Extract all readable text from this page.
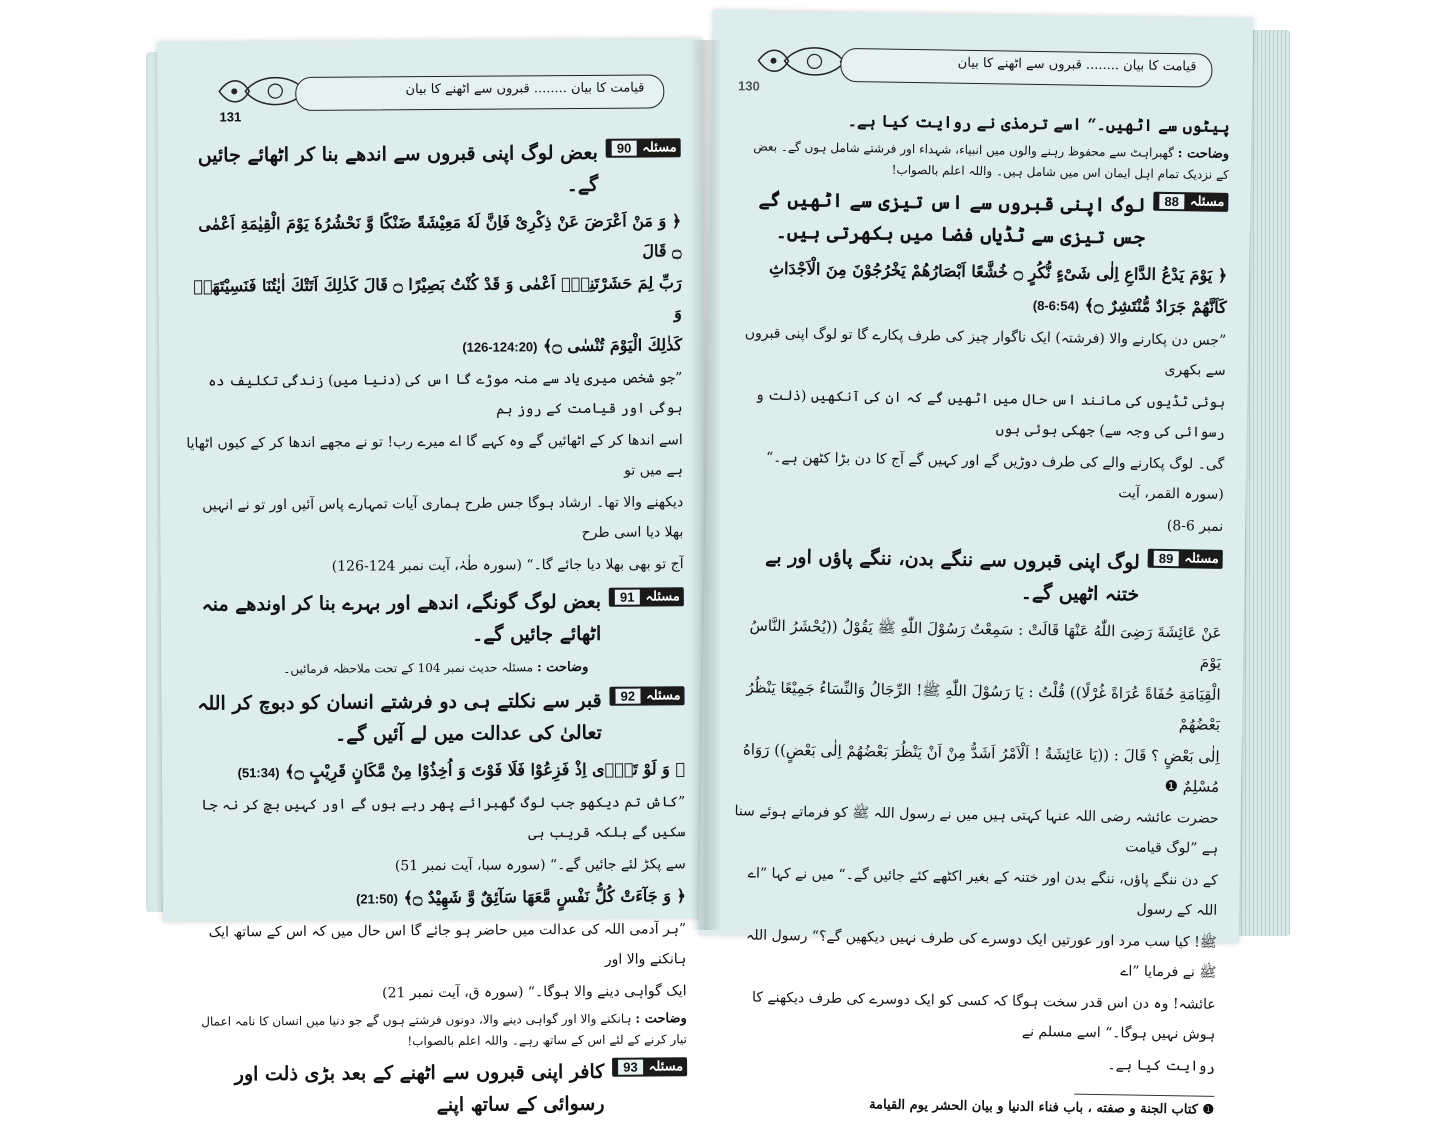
قیامت کا بیان ........ قبروں سے اٹھنے کا بیان
131
مسئلہ
90
بعض لوگ اپنی قبروں سے اندھے بنا کر اٹھائے جائیں گے۔
﴿ وَ مَنْ اَعْرَضَ عَنْ ذِكْرِىْ فَاِنَّ لَهٗ مَعِيْشَةً ضَنْكًا وَّ نَحْشُرُهٗ يَوْمَ الْقِيٰمَةِ اَعْمٰى ۝ قَالَ
رَبِّ لِمَ حَشَرْتَنِىْۤ اَعْمٰى وَ قَدْ كُنْتُ بَصِيْرًا ۝ قَالَ كَذٰلِكَ اَتَتْكَ اٰيٰتُنَا فَنَسِيْتَهَاۚ وَ
كَذٰلِكَ الْيَوْمَ تُنْسٰى ۝﴾ (126-124:20)
”جو شخص میری یاد سے منہ موڑے گا اس کی (دنیا میں) زندگی تکلیف دہ ہوگی اور قیامت کے روز ہم
اسے اندھا کر کے اٹھائیں گے وہ کہے گا اے میرے رب! تو نے مجھے اندھا کر کے کیوں اٹھایا ہے میں تو
دیکھنے والا تھا۔ ارشاد ہوگا جس طرح ہماری آیات تمہارے پاس آئیں اور تو نے انہیں بھلا دیا اسی طرح
آج تو بھی بھلا دیا جائے گا۔“ (سورہ طٰہٰ، آیت نمبر 124-126)
مسئلہ
91
بعض لوگ گونگے، اندھے اور بہرے بنا کر اوندھے منہ اٹھائے جائیں گے۔
وضاحت : مسئلہ حدیث نمبر 104 کے تحت ملاحظہ فرمائیں۔
مسئلہ
92
قبر سے نکلتے ہی دو فرشتے انسان کو دبوچ کر اللہ تعالیٰ کی عدالت میں لے آئیں گے۔
﴿ وَ لَوْ تَرٰۤى اِذْ فَزِعُوْا فَلَا فَوْتَ وَ اُخِذُوْا مِنْ مَّكَانٍ قَرِيْبٍ ۝﴾ (51:34)
”کاش تم دیکھو جب لوگ گھبرائے پھر رہے ہوں گے اور کہیں بچ کر نہ جا سکیں گے بلکہ قریب ہی
سے پکڑ لئے جائیں گے۔“ (سورہ سبا، آیت نمبر 51)
﴿ وَ جَآءَتْ كُلُّ نَفْسٍ مَّعَهَا سَآئِقٌ وَّ شَهِيْدٌ ۝﴾ (21:50)
”ہر آدمی اللہ کی عدالت میں حاضر ہو جائے گا اس حال میں کہ اس کے ساتھ ایک ہانکنے والا اور
ایک گواہی دینے والا ہوگا۔“ (سورہ ق، آیت نمبر 21)
وضاحت : ہانکنے والا اور گواہی دینے والا، دونوں فرشتے ہوں گے جو دنیا میں انسان کا نامہ اعمال تیار کرنے کے لئے اس کے ساتھ رہے۔ واللہ اعلم بالصواب!
مسئلہ
93
کافر اپنی قبروں سے اٹھنے کے بعد بڑی ذلت اور رسوائی کے ساتھ اپنے
قیامت کا بیان ........ قبروں سے اٹھنے کا بیان
130
پیٹوں سے اٹھیں۔“ اسے ترمذی نے روایت کیا ہے۔
وضاحت : گھبراہٹ سے محفوظ رہنے والوں میں انبیاء، شہداء اور فرشتے شامل ہوں گے۔ بعض کے نزدیک تمام اہل ایمان اس میں شامل ہیں۔ واللہ اعلم بالصواب!
مسئلہ
88
لوگ اپنی قبروں سے اس تیزی سے اٹھیں گے جس تیزی سے ٹڈیاں فضا میں بکھرتی ہیں۔
﴿ يَوْمَ يَدْعُ الدَّاعِ اِلٰى شَىْءٍ نُّكُرٍ ۝ خُشَّعًا اَبْصَارُهُمْ يَخْرُجُوْنَ مِنَ الْاَجْدَاثِ
كَاَنَّهُمْ جَرَادٌ مُّنْتَشِرٌ ۝﴾ (8-6:54)
”جس دن پکارنے والا (فرشتہ) ایک ناگوار چیز کی طرف پکارے گا تو لوگ اپنی قبروں سے بکھری
ہوئی ٹڈیوں کی مانند اس حال میں اٹھیں گے کہ ان کی آنکھیں (ذلت و رسوائی کی وجہ سے) جھکی ہوئی ہوں
گی۔ لوگ پکارنے والے کی طرف دوڑیں گے اور کہیں گے آج کا دن بڑا کٹھن ہے۔“ (سورہ القمر، آیت
نمبر 6-8)
مسئلہ
89
لوگ اپنی قبروں سے ننگے بدن، ننگے پاؤں اور بے ختنہ اٹھیں گے۔
عَنْ عَائِشَةَ رَضِىَ اللّٰهُ عَنْهَا قَالَتْ : سَمِعْتُ رَسُوْلَ اللّٰهِ ﷺ يَقُوْلُ ((يُحْشَرُ النَّاسُ يَوْمَ
الْقِيَامَةِ حُفَاةً عُرَاةً غُرْلًا)) قُلْتُ : يَا رَسُوْلَ اللّٰهِ ﷺ! الرِّجَالُ وَالنِّسَاءُ جَمِيْعًا يَنْظُرُ بَعْضُهُمْ
اِلٰى بَعْضٍ ؟ قَالَ : ((يَا عَائِشَةُ ! اَلْاَمْرُ اَشَدُّ مِنْ اَنْ يَنْظُرَ بَعْضُهُمْ اِلٰى بَعْضٍ)) رَوَاهُ مُسْلِمٌ ❶
حضرت عائشہ رضی اللہ عنہا کہتی ہیں میں نے رسول اللہ ﷺ کو فرماتے ہوئے سنا ہے ”لوگ قیامت
کے دن ننگے پاؤں، ننگے بدن اور ختنہ کے بغیر اکٹھے کئے جائیں گے۔“ میں نے کہا ”اے اللہ کے رسول
ﷺ! کیا سب مرد اور عورتیں ایک دوسرے کی طرف نہیں دیکھیں گے؟“ رسول اللہ ﷺ نے فرمایا ”اے
عائشہ! وہ دن اس قدر سخت ہوگا کہ کسی کو ایک دوسرے کی طرف دیکھنے کا ہوش نہیں ہوگا۔“ اسے مسلم نے
روایت کیا ہے۔
❶ كتاب الجنة و صفته ، باب فناء الدنيا و بيان الحشر يوم القيامة
